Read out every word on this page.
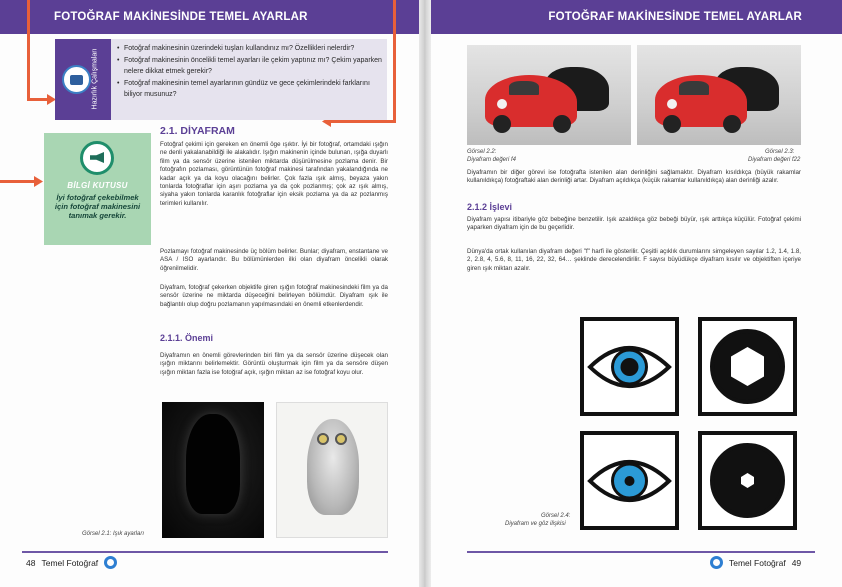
FOTOĞRAF MAKİNESİNDE TEMEL AYARLAR
Hazırlık Çalışmaları	• Fotoğraf makinesinin üzerindeki tuşları kullandınız mı? Özellikleri nelerdir?
• Fotoğraf makinesinin öncelikli temel ayarları ile çekim yaptınız mı? Çekim yaparken nelere dikkat etmek gerekir?
• Fotoğraf makinesinin temel ayarlarının gündüz ve gece çekimlerindeki farklarını biliyor musunuz?
BİLGİ KUTUSU
İyi fotoğraf çekebilmek için fotoğraf makinesini tanımak gerekir.
2.1. DİYAFRAM
Fotoğraf çekimi için gereken en önemli öge ışıktır. İyi bir fotoğraf, ortamdaki ışığın ne denli yakalanabildiği ile alakalıdır. Işığın makinenin içinde bulunan, ışığa duyarlı film ya da sensör üzerine istenilen miktarda düşürülmesine pozlama denir. Bir fotoğrafın pozlaması, görüntünün fotoğraf makinesi tarafından yakalandığında ne kadar açık ya da koyu olacağını belirler. Çok fazla ışık almış, beyaza yakın tonlarda fotoğraflar için aşırı pozlama ya da çok pozlanmış; çok az ışık almış, siyaha yakın tonlarda karanlık fotoğraflar için eksik pozlama ya da az pozlanmış terimleri kullanılır.
Pozlamayı fotoğraf makinesinde üç bölüm belirler. Bunlar; diyafram, enstantane ve ASA / ISO ayarlarıdır. Bu bölümünlerden ilki olan diyafram öncelikli olarak öğrenilmelidir.
Diyafram, fotoğraf çekerken objektife giren ışığın fotoğraf makinesindeki film ya da sensör üzerine ne miktarda düşeceğini belirleyen bölümdür. Diyafram ışık ile bağlantılı olup doğru pozlamanın yapılmasındaki en önemli etkenlerdendir.
2.1.1. Önemi
Diyaframın en önemli görevlerinden biri film ya da sensör üzerine düşecek olan ışığın miktarını belirlemektir. Görüntü oluşturmak için film ya da sensöre düşen ışığın miktarı fazla ise fotoğraf açık, ışığın miktarı az ise fotoğraf koyu olur.
Görsel 2.1: Işık ayarları
48 Temel Fotoğraf
FOTOĞRAF MAKİNESİNDE TEMEL AYARLAR
Görsel 2.2:
Diyafram değeri f4
Görsel 2.3:
Diyafram değeri f22
Diyaframın bir diğer görevi ise fotoğrafta istenilen alan derinliğini sağlamaktır. Diyafram kısıldıkça (büyük rakamlar kullanıldıkça) fotoğraftaki alan derinliği artar. Diyafram açıldıkça (küçük rakamlar kullanıldıkça) alan derinliği azalır.
2.1.2 İşlevi
Diyafram yapısı itibariyle göz bebeğine benzetilir. Işık azaldıkça göz bebeği büyür, ışık arttıkça küçülür. Fotoğraf çekimi yaparken diyafram için de bu geçerlidir.
Dünya'da ortak kullanılan diyafram değeri "f" harfi ile gösterilir. Çeşitli açıklık durumlarını simgeleyen sayılar 1.2, 1.4, 1.8, 2, 2.8, 4, 5.6, 8, 11, 16, 22, 32, 64… şeklinde derecelendirilir. F sayısı büyüdükçe diyafram kısılır ve objektiften içeriye giren ışık miktarı azalır.
Görsel 2.4:
Diyafram ve göz ilişkisi
Temel Fotoğraf 49
